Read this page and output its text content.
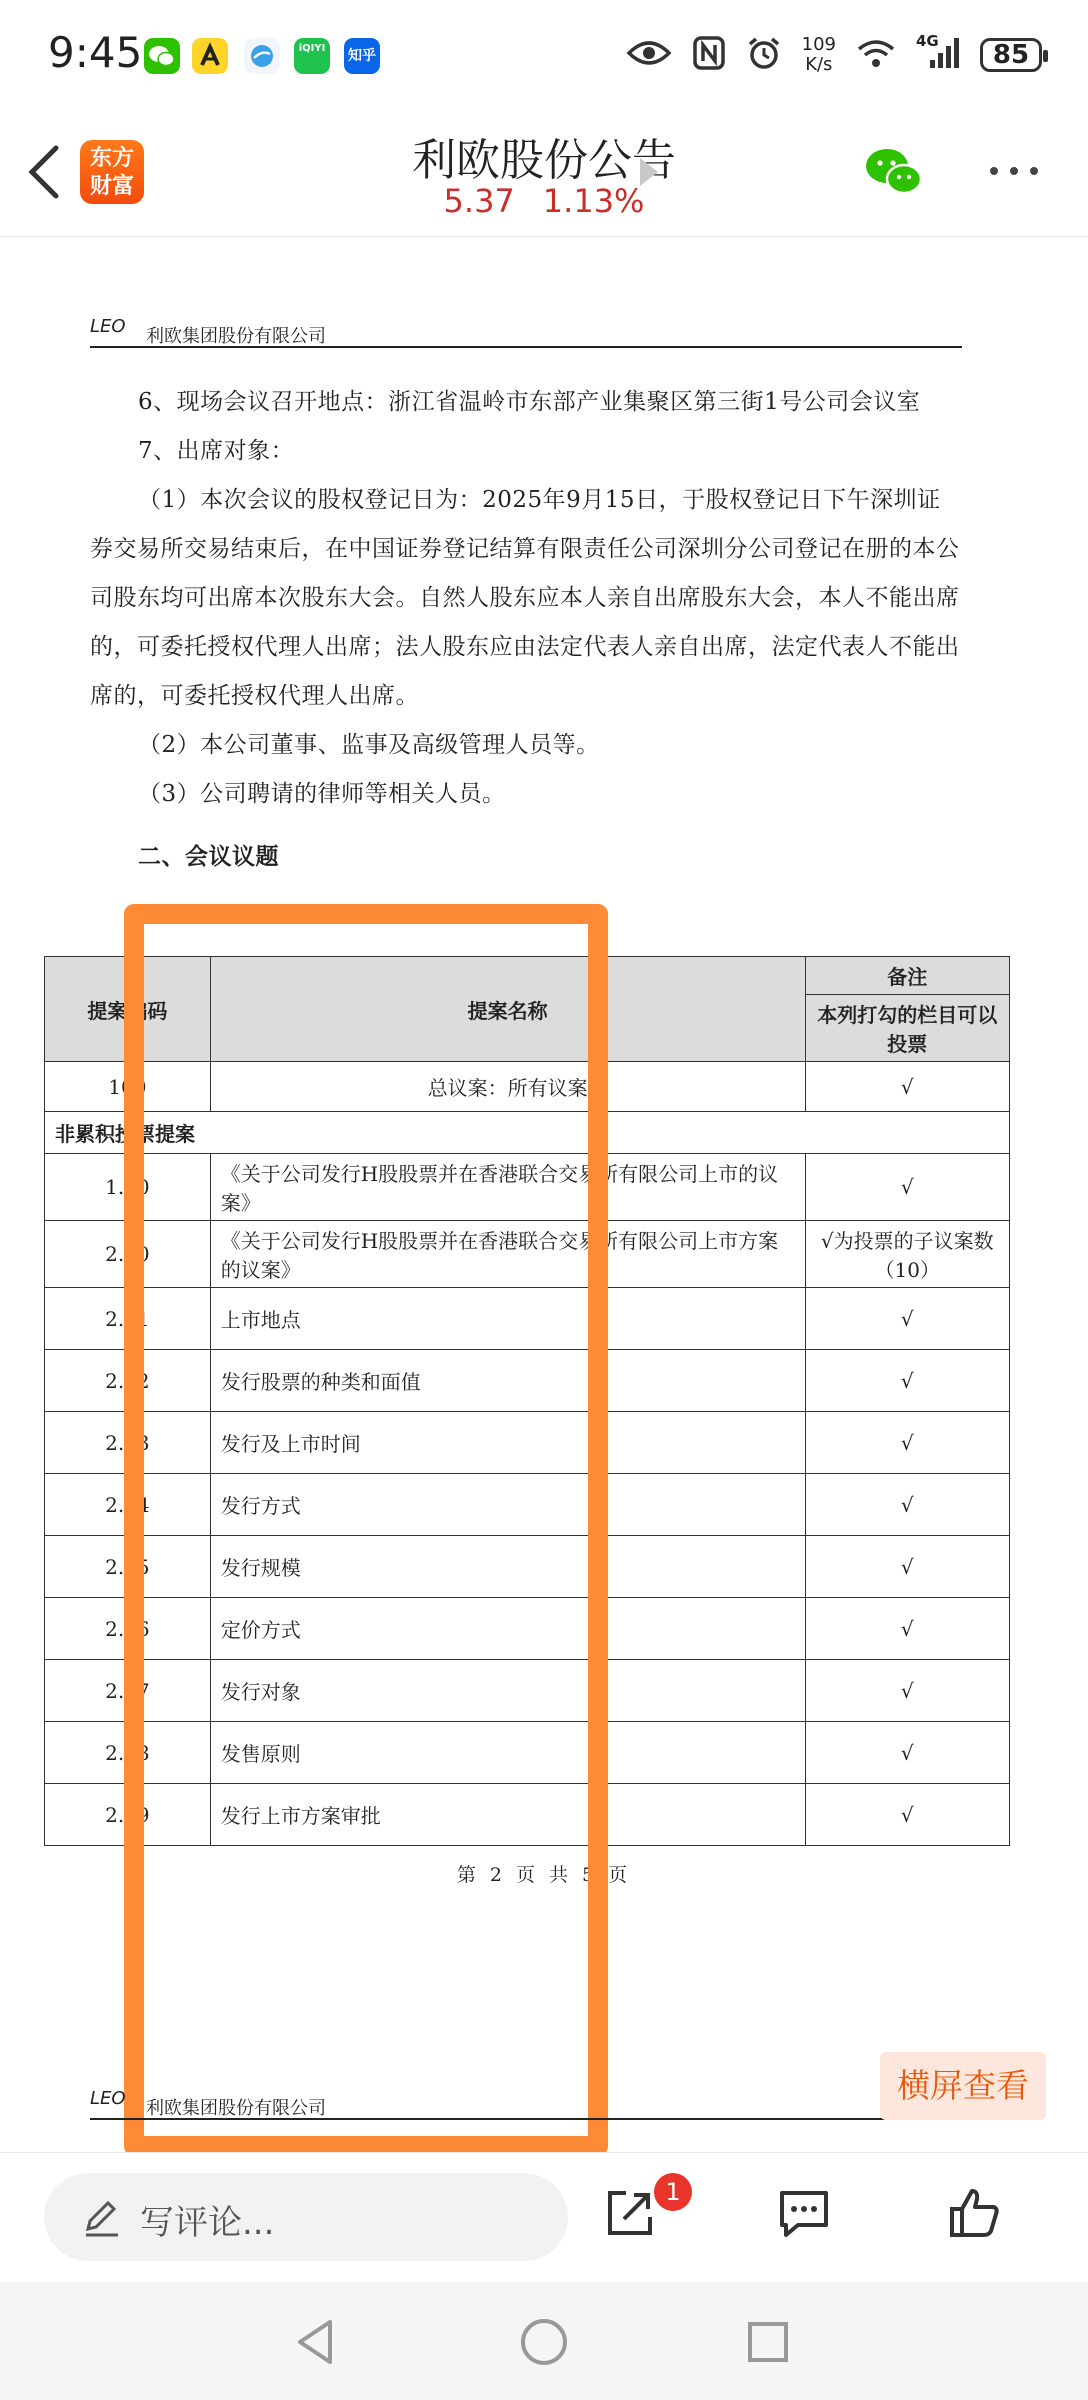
9:45	iQIYI	知乎
109
K/s
4G	85
东方财富	利欧股份公告
5.37 1.13%
LEO 利欧集团股份有限公司
6、现场会议召开地点：浙江省温岭市东部产业集聚区第三街1号公司会议室
7、出席对象：
（1）本次会议的股权登记日为：2025年9月15日，于股权登记日下午深圳证券交易所交易结束后，在中国证券登记结算有限责任公司深圳分公司登记在册的本公司股东均可出席本次股东大会。自然人股东应本人亲自出席股东大会，本人不能出席的，可委托授权代理人出席；法人股东应由法定代表人亲自出席，法定代表人不能出席的，可委托授权代理人出席。
（2）本公司董事、监事及高级管理人员等。
（3）公司聘请的律师等相关人员。
二、会议议题
提案编码	提案名称	备注
		本列打勾的栏目可以投票
100	总议案：所有议案	√
非累积投票提案		
1.00	《关于公司发行H股股票并在香港联合交易所有限公司上市的议案》	√
2.00	《关于公司发行H股股票并在香港联合交易所有限公司上市方案的议案》	√为投票的子议案数（10）
2.01	上市地点	√
2.02	发行股票的种类和面值	√
2.03	发行及上市时间	√
2.04	发行方式	√
2.05	发行规模	√
2.06	定价方式	√
2.07	发行对象	√
2.08	发售原则	√
2.09	发行上市方案审批	√
第 2 页 共 5 页
LEO 利欧集团股份有限公司
横屏查看
写评论...
1
